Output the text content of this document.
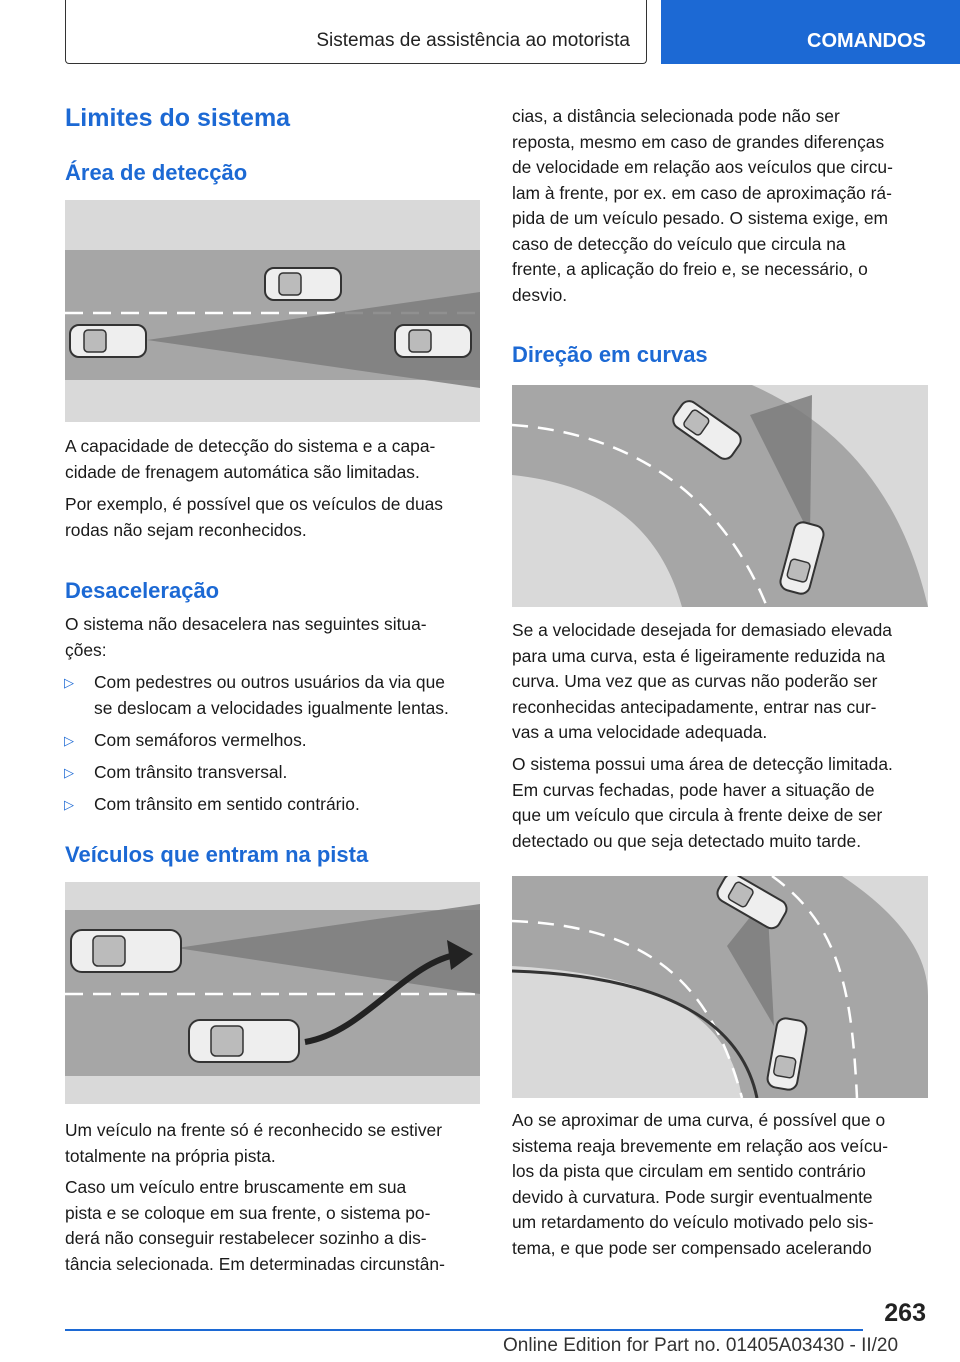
Sistemas de assistência ao motorista	COMANDOS
Limites do sistema
Área de detecção

A capacidade de detecção do sistema e a capa-
cidade de frenagem automática são limitadas.

Por exemplo, é possível que os veículos de duas
rodas não sejam reconhecidos.

Desaceleração

O sistema não desacelera nas seguintes situa-
ções:

▷ Com pedestres ou outros usuários da via que
se deslocam a velocidades igualmente lentas.
▷ Com semáforos vermelhos.
▷ Com trânsito transversal.
▷ Com trânsito em sentido contrário.
Veículos que entram na pista

Um veículo na frente só é reconhecido se estiver
totalmente na própria pista.

Caso um veículo entre bruscamente em sua
pista e se coloque em sua frente, o sistema po-
derá não conseguir restabelecer sozinho a dis-
tância selecionada. Em determinadas circunstân-

cias, a distância selecionada pode não ser
reposta, mesmo em caso de grandes diferenças
de velocidade em relação aos veículos que circu-
lam à frente, por ex. em caso de aproximação rá-
pida de um veículo pesado. O sistema exige, em
caso de detecção do veículo que circula na
frente, a aplicação do freio e, se necessário, o
desvio.

Direção em curvas

Se a velocidade desejada for demasiado elevada
para uma curva, esta é ligeiramente reduzida na
curva. Uma vez que as curvas não poderão ser
reconhecidas antecipadamente, entrar nas cur-
vas a uma velocidade adequada.

O sistema possui uma área de detecção limitada.
Em curvas fechadas, pode haver a situação de
que um veículo que circula à frente deixe de ser
detectado ou que seja detectado muito tarde.

Ao se aproximar de uma curva, é possível que o
sistema reaja brevemente em relação aos veícu-
los da pista que circulam em sentido contrário
devido à curvatura. Pode surgir eventualmente
um retardamento do veículo motivado pelo sis-
tema, e que pode ser compensado acelerando

263
Online Edition for Part no. 01405A03430 - II/20
